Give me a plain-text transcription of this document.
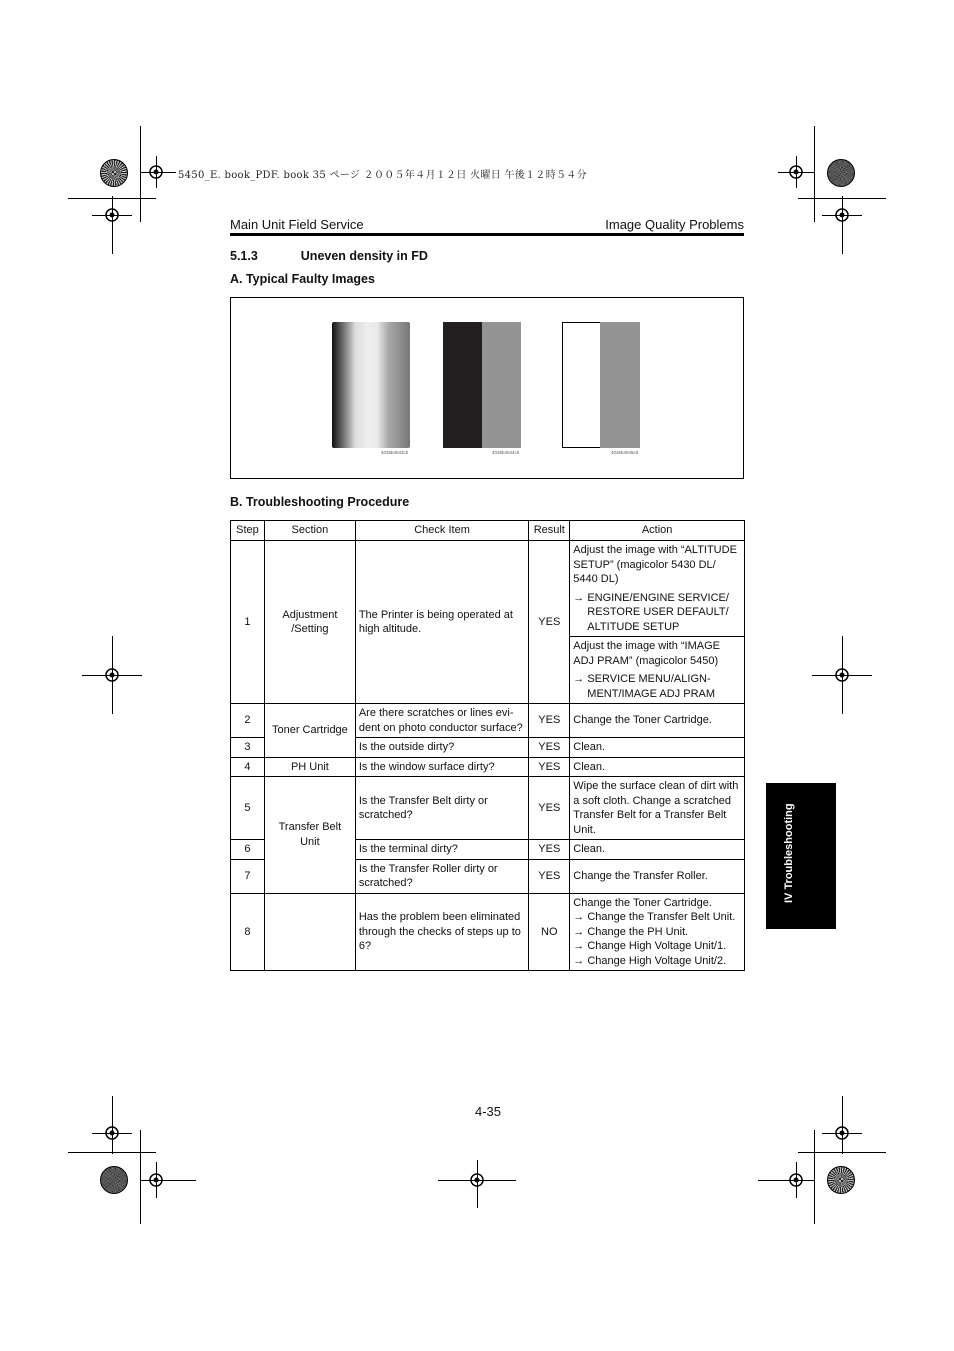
5450_E. book_PDF. book 35 ページ ２００５年４月１２日 火曜日 午後１２時５４分
Main Unit Field Service	Image Quality Problems
5.1.3	Uneven density in FD
A. Typical Faulty Images
4036b4043c0	4036b4044c0	4036b4045c0
B. Troubleshooting Procedure
Step	Section	Check Item	Result	Action
1	Adjustment /Setting	The Printer is being operated at high altitude.	YES	Adjust the image with “ALTITUDE SETUP” (magicolor 5430 DL/ 5440 DL)
→ ENGINE/ENGINE SERVICE/ RESTORE USER DEFAULT/ ALTITUDE SETUP

				Adjust the image with “IMAGE ADJ PRAM” (magicolor 5450)
→ SERVICE MENU/ALIGN- MENT/IMAGE ADJ PRAM

2	Toner Cartridge	Are there scratches or lines evi- dent on photo conductor surface?	YES	Change the Toner Cartridge.
3		Is the outside dirty?	YES	Clean.
4	PH Unit	Is the window surface dirty?	YES	Clean.
5	Transfer Belt Unit	Is the Transfer Belt dirty or scratched?	YES	Wipe the surface clean of dirt with a soft cloth. Change a scratched Transfer Belt for a Transfer Belt Unit.
6		Is the terminal dirty?	YES	Clean.
7		Is the Transfer Roller dirty or scratched?	YES	Change the Transfer Roller.
8		Has the problem been eliminated through the checks of steps up to 6?	NO	Change the Toner Cartridge.
→ Change the Transfer Belt Unit.
→ Change the PH Unit.
→ Change High Voltage Unit/1.
→ Change High Voltage Unit/2.
IV Troubleshooting
4-35
